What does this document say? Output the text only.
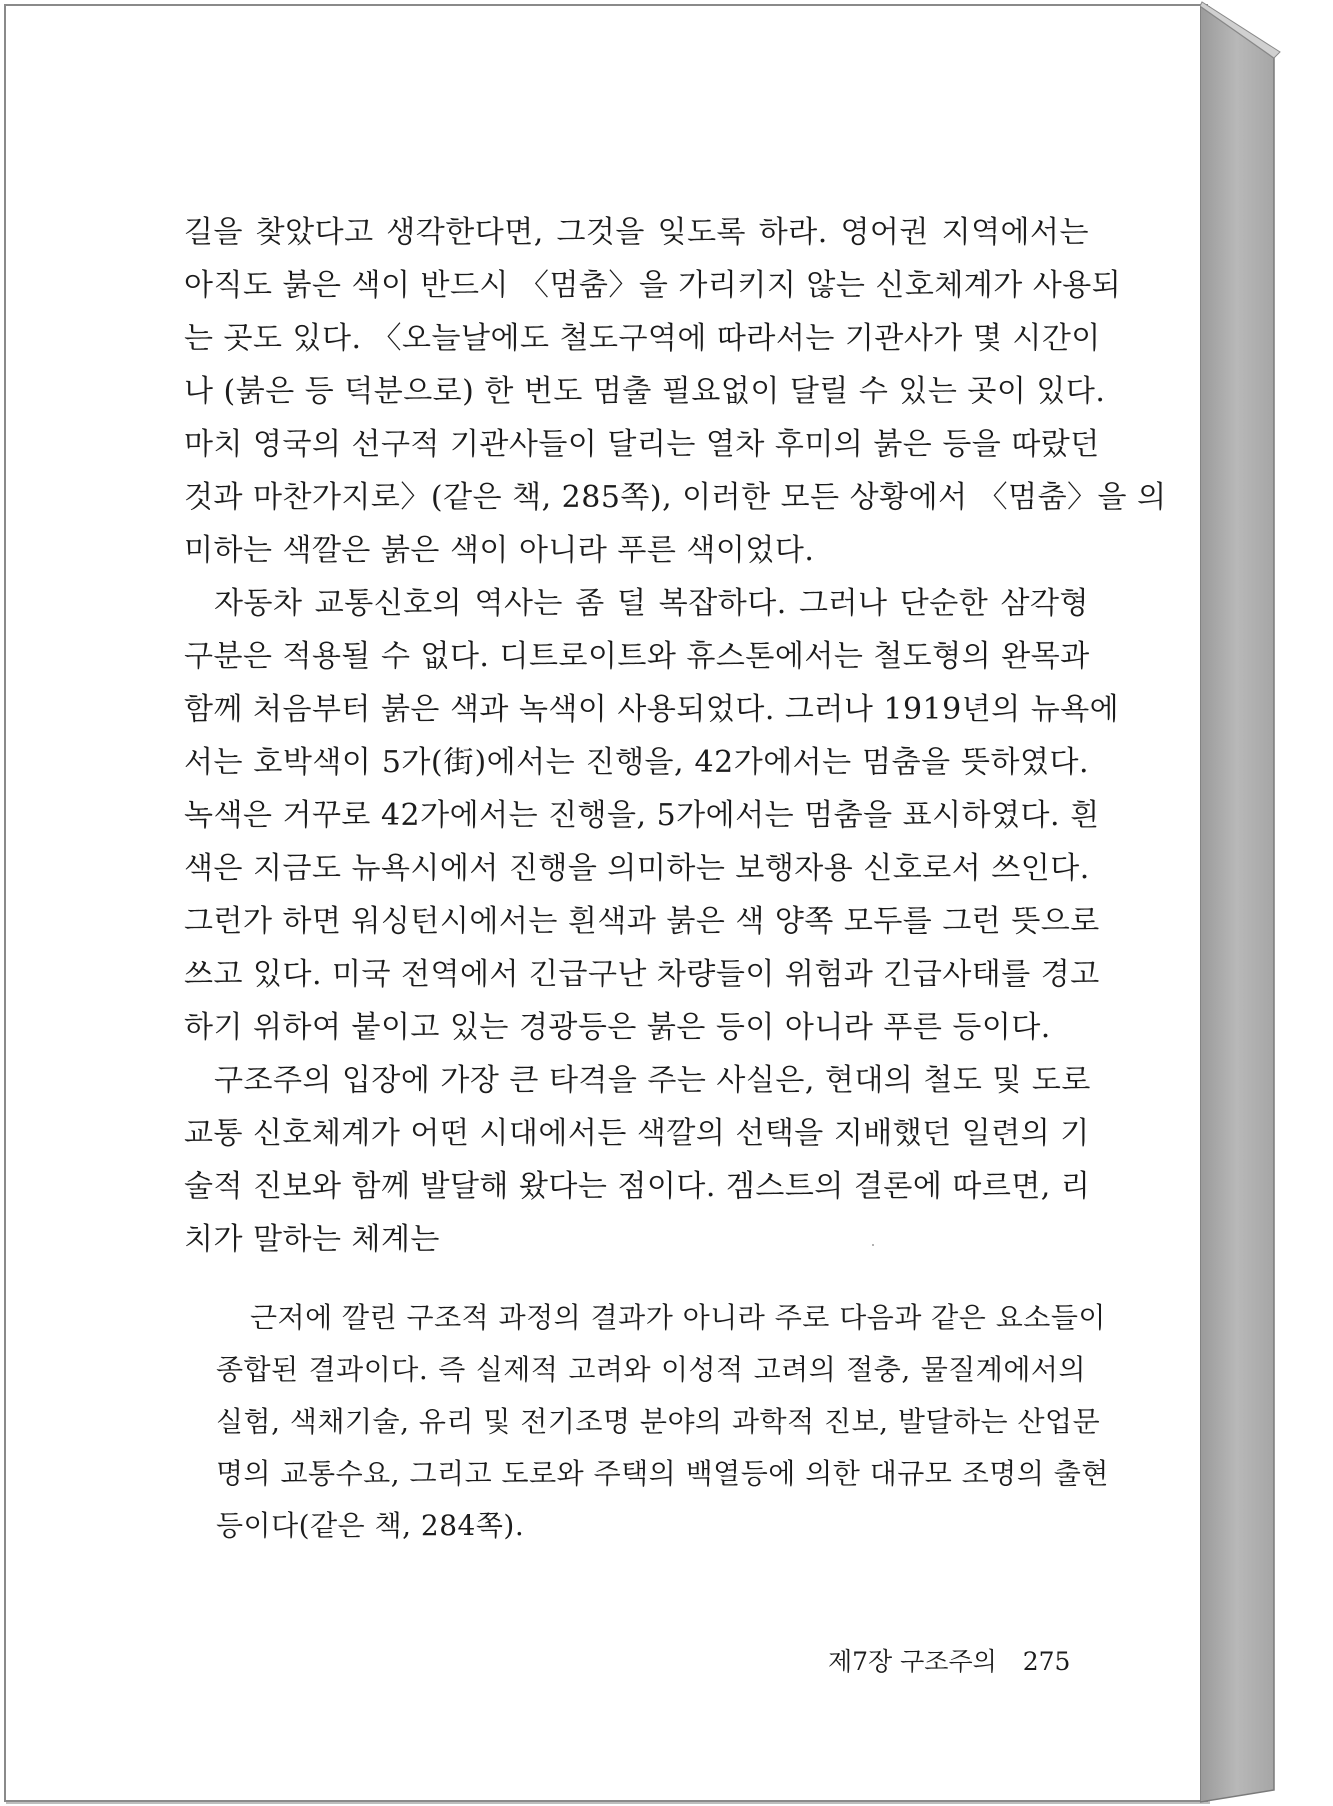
길을 찾았다고 생각한다면, 그것을 잊도록 하라. 영어권 지역에서는
아직도 붉은 색이 반드시 〈멈춤〉을 가리키지 않는 신호체계가 사용되
는 곳도 있다. 〈오늘날에도 철도구역에 따라서는 기관사가 몇 시간이
나 (붉은 등 덕분으로) 한 번도 멈출 필요없이 달릴 수 있는 곳이 있다.
마치 영국의 선구적 기관사들이 달리는 열차 후미의 붉은 등을 따랐던
것과 마찬가지로〉(같은 책, 285쪽), 이러한 모든 상황에서 〈멈춤〉을 의
미하는 색깔은 붉은 색이 아니라 푸른 색이었다.
자동차 교통신호의 역사는 좀 덜 복잡하다. 그러나 단순한 삼각형
구분은 적용될 수 없다. 디트로이트와 휴스톤에서는 철도형의 완목과
함께 처음부터 붉은 색과 녹색이 사용되었다. 그러나 1919년의 뉴욕에
서는 호박색이 5가(街)에서는 진행을, 42가에서는 멈춤을 뜻하였다.
녹색은 거꾸로 42가에서는 진행을, 5가에서는 멈춤을 표시하였다. 흰
색은 지금도 뉴욕시에서 진행을 의미하는 보행자용 신호로서 쓰인다.
그런가 하면 워싱턴시에서는 흰색과 붉은 색 양쪽 모두를 그런 뜻으로
쓰고 있다. 미국 전역에서 긴급구난 차량들이 위험과 긴급사태를 경고
하기 위하여 붙이고 있는 경광등은 붉은 등이 아니라 푸른 등이다.
구조주의 입장에 가장 큰 타격을 주는 사실은, 현대의 철도 및 도로
교통 신호체계가 어떤 시대에서든 색깔의 선택을 지배했던 일련의 기
술적 진보와 함께 발달해 왔다는 점이다. 겜스트의 결론에 따르면, 리
치가 말하는 체계는
근저에 깔린 구조적 과정의 결과가 아니라 주로 다음과 같은 요소들이
종합된 결과이다. 즉 실제적 고려와 이성적 고려의 절충, 물질계에서의
실험, 색채기술, 유리 및 전기조명 분야의 과학적 진보, 발달하는 산업문
명의 교통수요, 그리고 도로와 주택의 백열등에 의한 대규모 조명의 출현
등이다(같은 책, 284쪽).
제7장 구조주의 275
